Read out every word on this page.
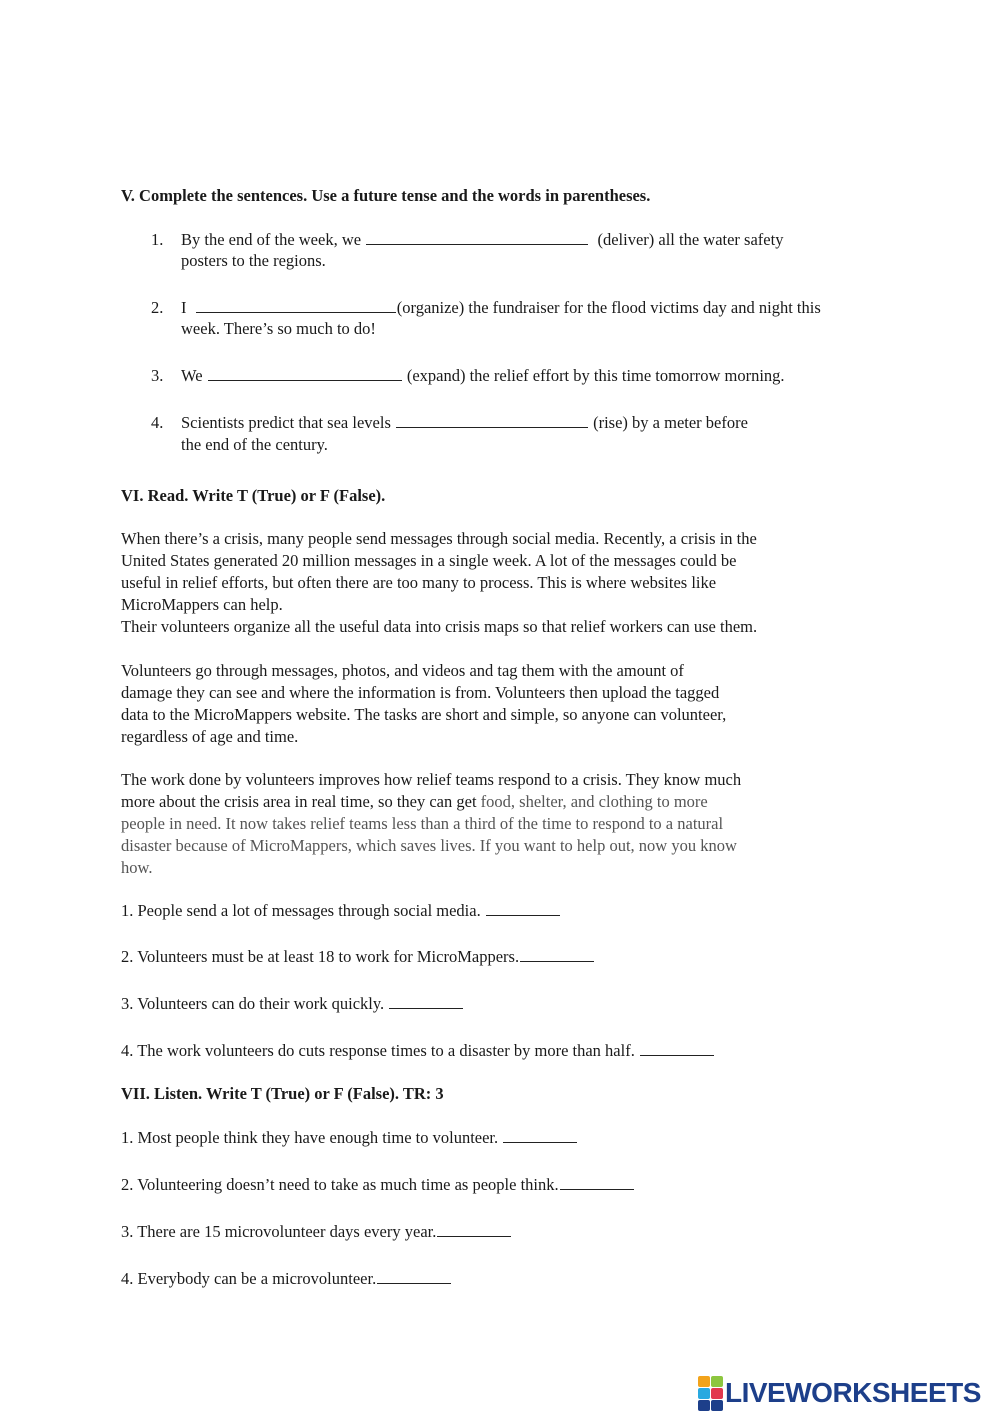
V. Complete the sentences. Use a future tense and the words in parentheses.
1. By the end of the week, we	(deliver) all the water safety
posters to the regions.
2. I	(organize) the fundraiser for the flood victims day and night this
week. There’s so much to do!
3. We	(expand) the relief effort by this time tomorrow morning.
4. Scientists predict that sea levels	(rise) by a meter before
the end of the century.
VI. Read. Write T (True) or F (False).
When there’s a crisis, many people send messages through social media. Recently, a crisis in the
United States generated 20 million messages in a single week. A lot of the messages could be
useful in relief efforts, but often there are too many to process. This is where websites like
MicroMappers can help.
Their volunteers organize all the useful data into crisis maps so that relief workers can use them.
Volunteers go through messages, photos, and videos and tag them with the amount of
damage they can see and where the information is from. Volunteers then upload the tagged
data to the MicroMappers website. The tasks are short and simple, so anyone can volunteer,
regardless of age and time.
The work done by volunteers improves how relief teams respond to a crisis. They know much
more about the crisis area in real time, so they can get food, shelter, and clothing to more
people in need. It now takes relief teams less than a third of the time to respond to a natural
disaster because of MicroMappers, which saves lives. If you want to help out, now you know
how.
1. People send a lot of messages through social media.
2. Volunteers must be at least 18 to work for MicroMappers.
3. Volunteers can do their work quickly.
4. The work volunteers do cuts response times to a disaster by more than half.
VII. Listen. Write T (True) or F (False). TR: 3
1. Most people think they have enough time to volunteer.
2. Volunteering doesn’t need to take as much time as people think.
3. There are 15 microvolunteer days every year.
4. Everybody can be a microvolunteer.
LIVEWORKSHEETS
